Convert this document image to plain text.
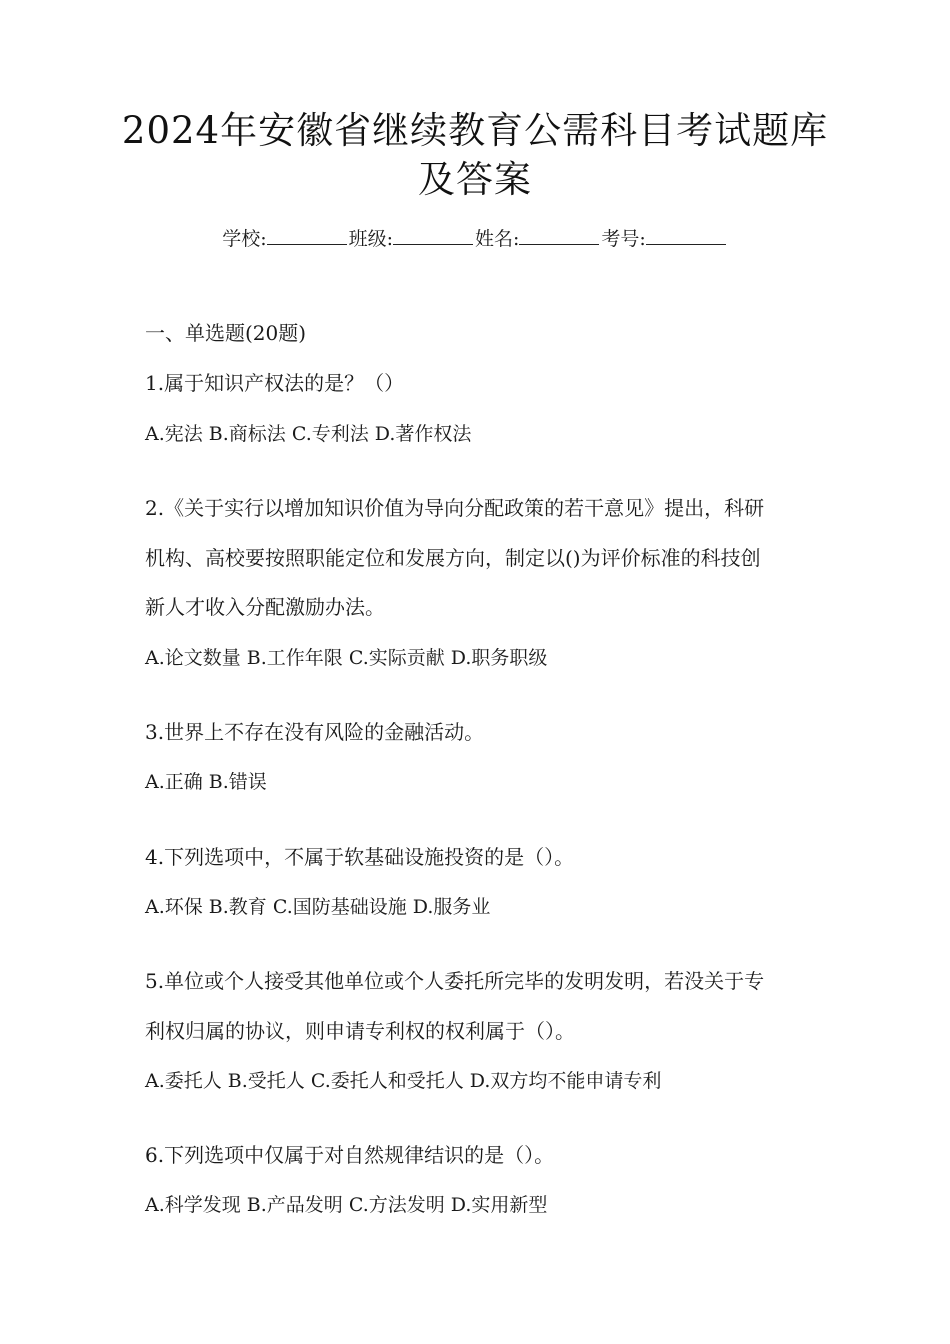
2024年安徽省继续教育公需科目考试题库
及答案
学校:	班级:	姓名:	考号:
一、单选题(20题)
1.属于知识产权法的是？（）
A.宪法 B.商标法 C.专利法 D.著作权法
2.《关于实行以增加知识价值为导向分配政策的若干意见》提出，科研
机构、高校要按照职能定位和发展方向，制定以()为评价标准的科技创
新人才收入分配激励办法。
A.论文数量 B.工作年限 C.实际贡献 D.职务职级
3.世界上不存在没有风险的金融活动。
A.正确 B.错误
4.下列选项中，不属于软基础设施投资的是（）。
A.环保 B.教育 C.国防基础设施 D.服务业
5.单位或个人接受其他单位或个人委托所完毕的发明发明，若没关于专
利权归属的协议，则申请专利权的权利属于（）。
A.委托人 B.受托人 C.委托人和受托人 D.双方均不能申请专利
6.下列选项中仅属于对自然规律结识的是（）。
A.科学发现 B.产品发明 C.方法发明 D.实用新型
